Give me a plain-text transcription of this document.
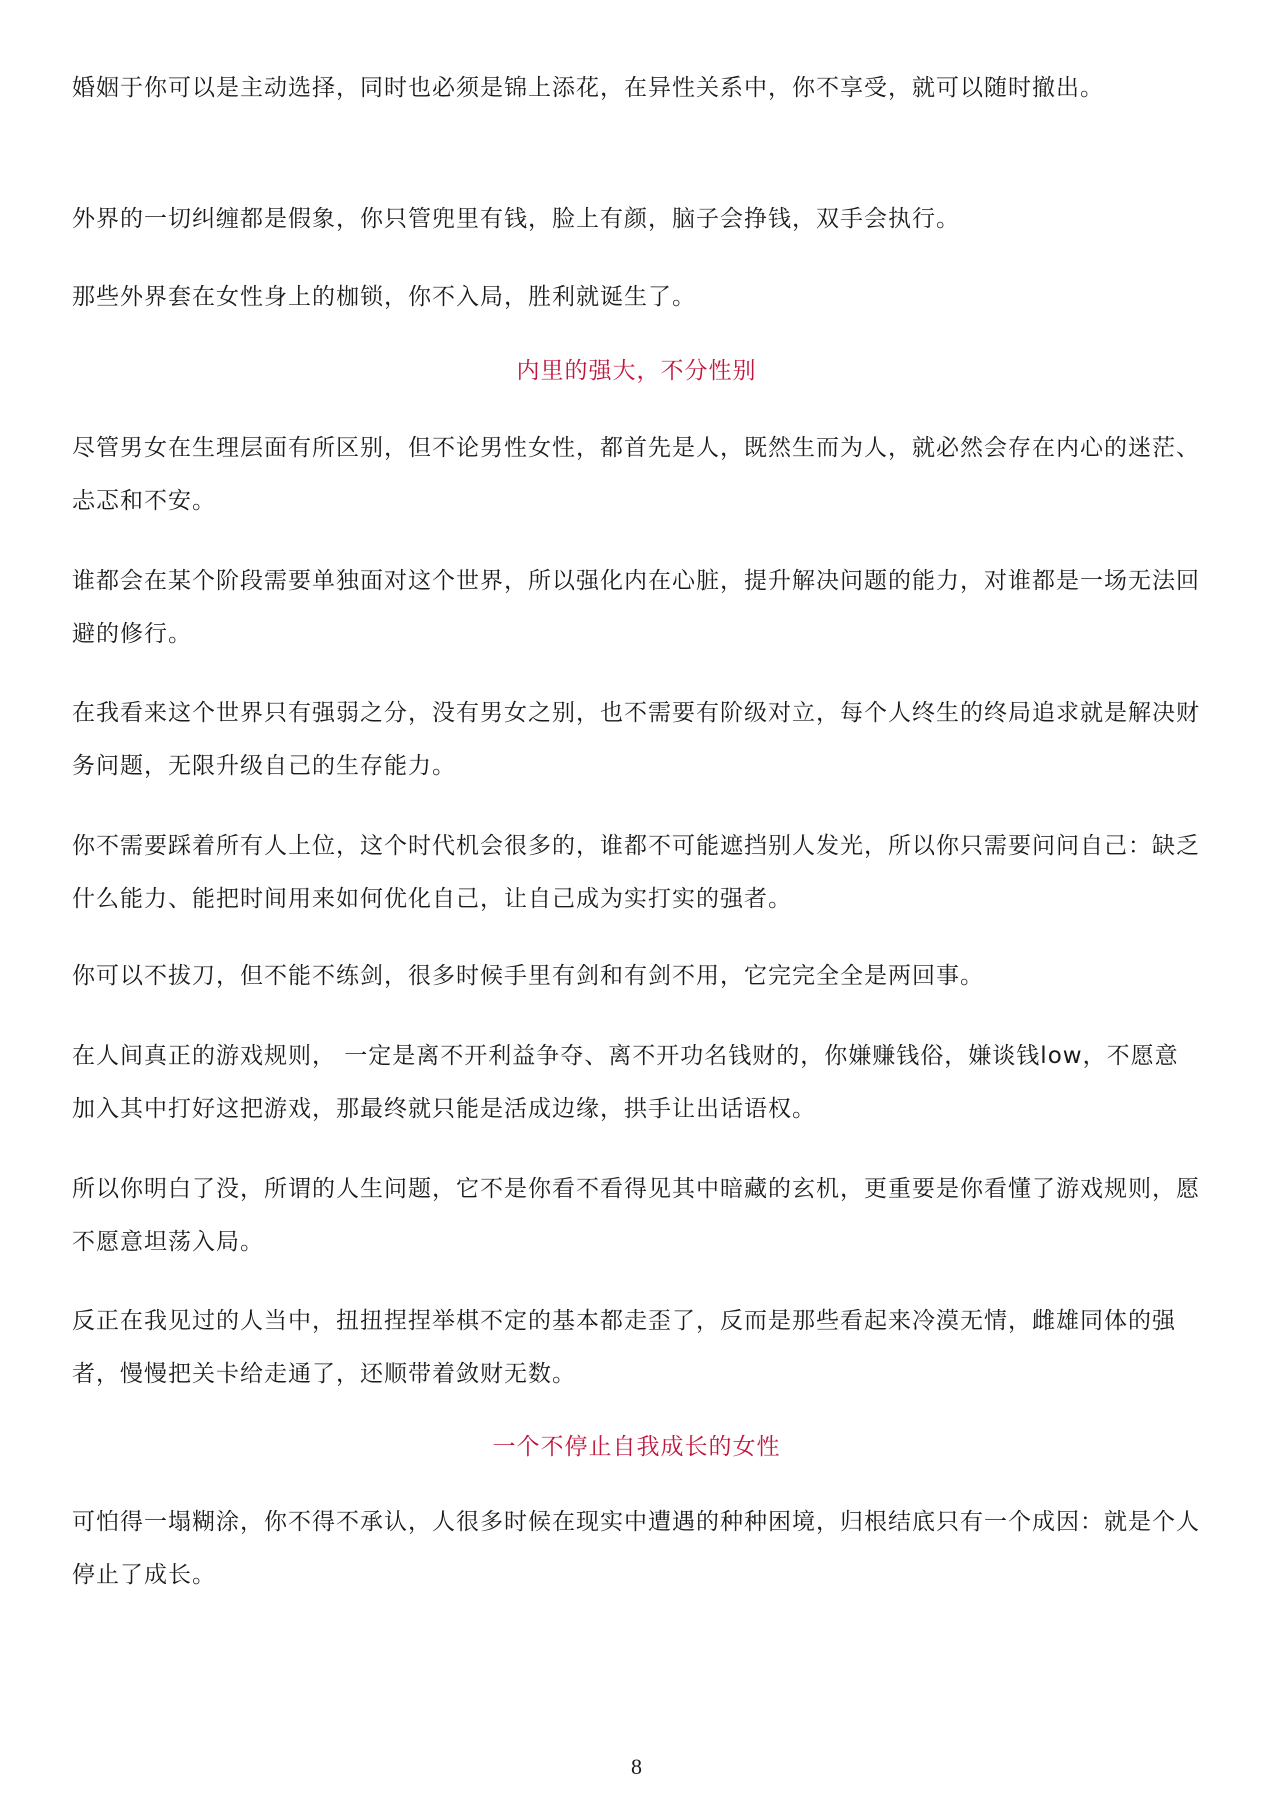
婚姻于你可以是主动选择，同时也必须是锦上添花，在异性关系中，你不享受，就可以随时撤出。
外界的一切纠缠都是假象，你只管兜里有钱，脸上有颜，脑子会挣钱，双手会执行。
那些外界套在女性身上的枷锁，你不入局，胜利就诞生了。
内里的强大，不分性别
尽管男女在生理层面有所区别，但不论男性女性，都首先是人，既然生而为人，就必然会存在内心的迷茫、忐忑和不安。
谁都会在某个阶段需要单独面对这个世界，所以强化内在心脏，提升解决问题的能力，对谁都是一场无法回避的修行。
在我看来这个世界只有强弱之分，没有男女之别，也不需要有阶级对立，每个人终生的终局追求就是解决财务问题，无限升级自己的生存能力。
你不需要踩着所有人上位，这个时代机会很多的，谁都不可能遮挡别人发光，所以你只需要问问自己：缺乏什么能力、能把时间用来如何优化自己，让自己成为实打实的强者。
你可以不拔刀，但不能不练剑，很多时候手里有剑和有剑不用，它完完全全是两回事。
在人间真正的游戏规则， 一定是离不开利益争夺、离不开功名钱财的，你嫌赚钱俗，嫌谈钱low，不愿意加入其中打好这把游戏，那最终就只能是活成边缘，拱手让出话语权。
所以你明白了没，所谓的人生问题，它不是你看不看得见其中暗藏的玄机，更重要是你看懂了游戏规则，愿不愿意坦荡入局。
反正在我见过的人当中，扭扭捏捏举棋不定的基本都走歪了，反而是那些看起来冷漠无情，雌雄同体的强者，慢慢把关卡给走通了，还顺带着敛财无数。
一个不停止自我成长的女性
可怕得一塌糊涂，你不得不承认，人很多时候在现实中遭遇的种种困境，归根结底只有一个成因：就是个人停止了成长。
8
